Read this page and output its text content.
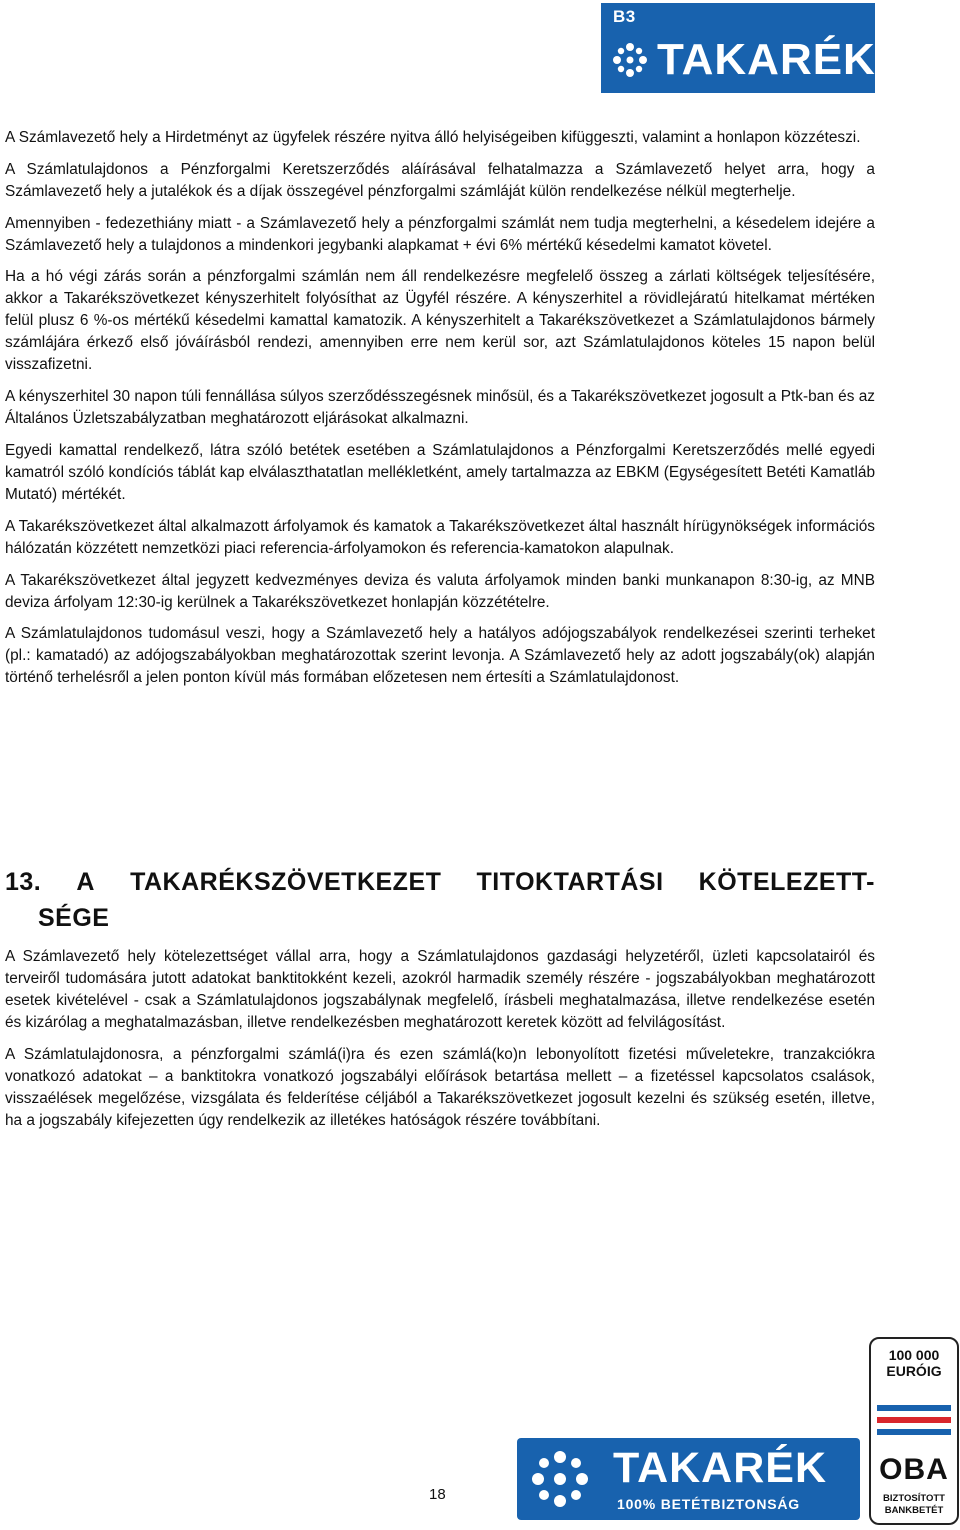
B3
TAKARÉK

A Számlavezető hely a Hirdetményt az ügyfelek részére nyitva álló helyiségeiben kifüggeszti, valamint a honlapon közzéteszi.

A Számlatulajdonos a Pénzforgalmi Keretszerződés aláírásával felhatalmazza a Számlavezető helyet arra, hogy a Számlavezető hely a jutalékok és a díjak összegével pénzforgalmi számláját külön rendelkezése nélkül megterhelje.

Amennyiben - fedezethiány miatt - a Számlavezető hely a pénzforgalmi számlát nem tudja megterhelni, a késedelem idejére a Számlavezető hely a tulajdonos a mindenkori jegybanki alapkamat + évi 6% mértékű késedelmi kamatot követel.

Ha a hó végi zárás során a pénzforgalmi számlán nem áll rendelkezésre megfelelő összeg a zárlati költségek teljesítésére, akkor a Takarékszövetkezet kényszerhitelt folyósíthat az Ügyfél részére. A kényszerhitel a rövidlejáratú hitelkamat mértéken felül plusz 6 %-os mértékű késedelmi kamattal kamatozik. A kényszerhitelt a Takarékszövetkezet a Számlatulajdonos bármely számlájára érkező első jóváírásból rendezi, amennyiben erre nem kerül sor, azt Számlatulajdonos köteles 15 napon belül visszafizetni.

A kényszerhitel 30 napon túli fennállása súlyos szerződésszegésnek minősül, és a Takarékszövetkezet jogosult a Ptk-ban és az Általános Üzletszabályzatban meghatározott eljárásokat alkalmazni.

Egyedi kamattal rendelkező, látra szóló betétek esetében a Számlatulajdonos a Pénzforgalmi Keretszerződés mellé egyedi kamatról szóló kondíciós táblát kap elválaszthatatlan mellékletként, amely tartalmazza az EBKM (Egységesített Betéti Kamatláb Mutató) mértékét.

A Takarékszövetkezet által alkalmazott árfolyamok és kamatok a Takarékszövetkezet által használt hírügynökségek információs hálózatán közzétett nemzetközi piaci referencia-árfolyamokon és referencia-kamatokon alapulnak.

A Takarékszövetkezet által jegyzett kedvezményes deviza és valuta árfolyamok minden banki munkanapon 8:30-ig, az MNB deviza árfolyam 12:30-ig kerülnek a Takarékszövetkezet honlapján közzétételre.

A Számlatulajdonos tudomásul veszi, hogy a Számlavezető hely a hatályos adójogszabályok rendelkezései szerinti terheket (pl.: kamatadó) az adójogszabályokban meghatározottak szerint levonja. A Számlavezető hely az adott jogszabály(ok) alapján történő terhelésről a jelen ponton kívül más formában előzetesen nem értesíti a Számlatulajdonost.

13. A TAKARÉKSZÖVETKEZET TITOKTARTÁSI KÖTELEZETT-
SÉGE

A Számlavezető hely kötelezettséget vállal arra, hogy a Számlatulajdonos gazdasági helyzetéről, üzleti kapcsolatairól és terveiről tudomására jutott adatokat banktitokként kezeli, azokról harmadik személy részére - jogszabályokban meghatározott esetek kivételével - csak a Számlatulajdonos jogszabálynak megfelelő, írásbeli meghatalmazása, illetve rendelkezése esetén és kizárólag a meghatalmazásban, illetve rendelkezésben meghatározott keretek között ad felvilágosítást.

A Számlatulajdonosra, a pénzforgalmi számlá(i)ra és ezen számlá(ko)n lebonyolított fizetési műveletekre, tranzakciókra vonatkozó adatokat – a banktitokra vonatkozó jogszabályi előírások betartása mellett – a fizetéssel kapcsolatos csalások, visszaélések megelőzése, vizsgálata és felderítése céljából a Takarékszövetkezet jogosult kezelni és szükség esetén, illetve, ha a jogszabály kifejezetten úgy rendelkezik az illetékes hatóságok részére továbbítani.

18
TAKARÉK
100% BETÉTBIZTONSÁG
100 000 EURÓIG
OBA
BIZTOSÍTOTT BANKBETÉT
